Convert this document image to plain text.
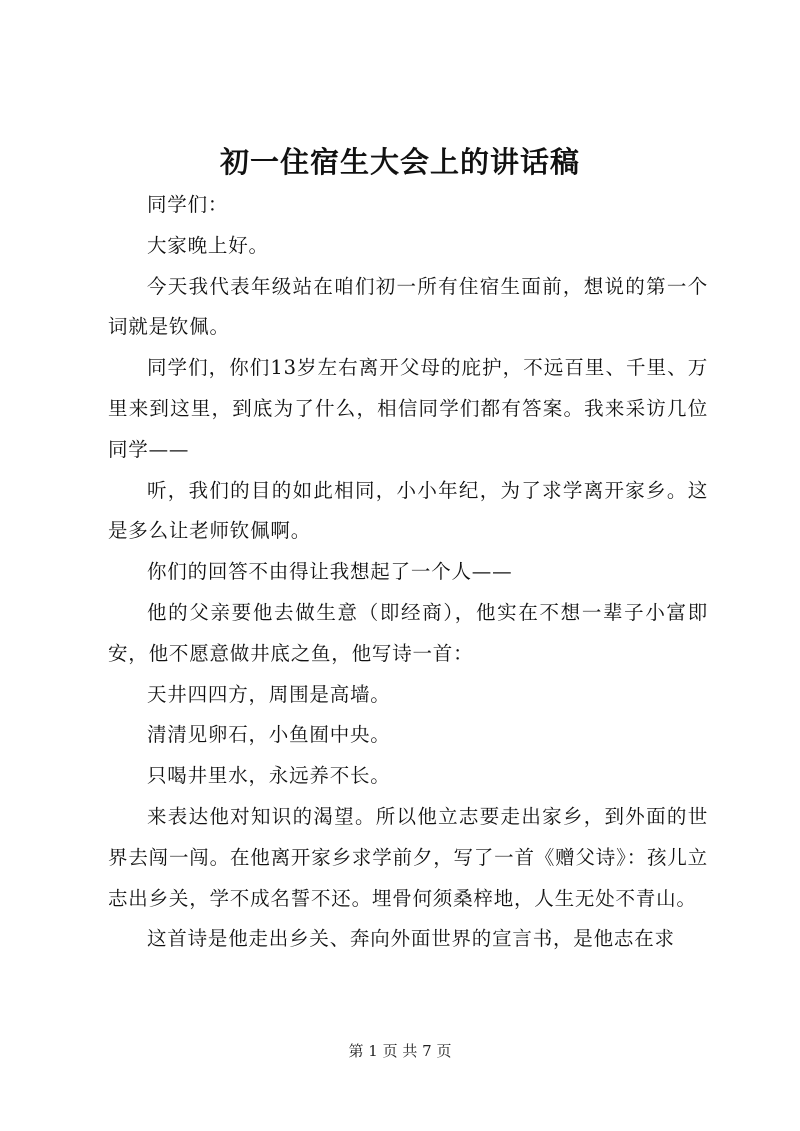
初一住宿生大会上的讲话稿

同学们：

大家晚上好。

今天我代表年级站在咱们初一所有住宿生面前，想说的第一个词就是钦佩。

同学们，你们13岁左右离开父母的庇护，不远百里、千里、万里来到这里，到底为了什么，相信同学们都有答案。我来采访几位同学——

听，我们的目的如此相同，小小年纪，为了求学离开家乡。这是多么让老师钦佩啊。

你们的回答不由得让我想起了一个人——

他的父亲要他去做生意（即经商），他实在不想一辈子小富即安，他不愿意做井底之鱼，他写诗一首：

天井四四方，周围是高墙。

清清见卵石，小鱼囿中央。

只喝井里水，永远养不长。

来表达他对知识的渴望。所以他立志要走出家乡，到外面的世界去闯一闯。在他离开家乡求学前夕，写了一首《赠父诗》：孩儿立志出乡关，学不成名誓不还。埋骨何须桑梓地，人生无处不青山。

这首诗是他走出乡关、奔向外面世界的宣言书，是他志在求

第 1 页 共 7 页
